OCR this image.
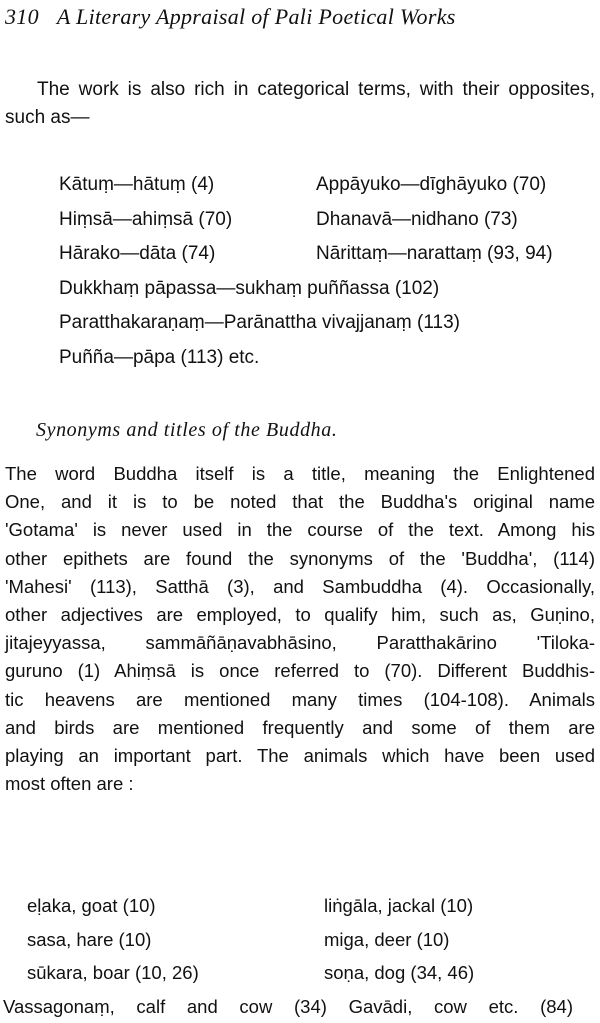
310 A Literary Appraisal of Pali Poetical Works
The work is also rich in categorical terms, with their opposites, such as—
Kātuṃ—hātuṃ (4)	Appāyuko—dīghāyuko (70)
Hiṃsā—ahiṃsā (70)	Dhanavā—nidhano (73)
Hārako—dāta (74)	Nārittaṃ—narattaṃ (93, 94)
Dukkhaṃ pāpassa—sukhaṃ puññassa (102)
Paratthakaraṇaṃ—Parānattha vivajjanaṃ (113)
Puñña—pāpa (113) etc.
Synonyms and titles of the Buddha.
The word Buddha itself is a title, meaning the Enlightened
One, and it is to be noted that the Buddha's original name
'Gotama' is never used in the course of the text. Among his
other epithets are found the synonyms of the 'Buddha', (114)
'Mahesi' (113), Satthā (3), and Sambuddha (4). Occasionally,
other adjectives are employed, to qualify him, such as, Guṇino,
jitajeyyassa, sammāñāṇavabhāsino, Paratthakārino 'Tiloka-
guruno (1) Ahiṃsā is once referred to (70). Different Buddhis-
tic heavens are mentioned many times (104-108). Animals
and birds are mentioned frequently and some of them are
playing an important part. The animals which have been used
most often are :
eḷaka, goat (10)	liṅgāla, jackal (10)
sasa, hare (10)	miga, deer (10)
sūkara, boar (10, 26)	soṇa, dog (34, 46)
Vassagonaṃ, calf and cow (34) Gavādi, cow etc. (84)
